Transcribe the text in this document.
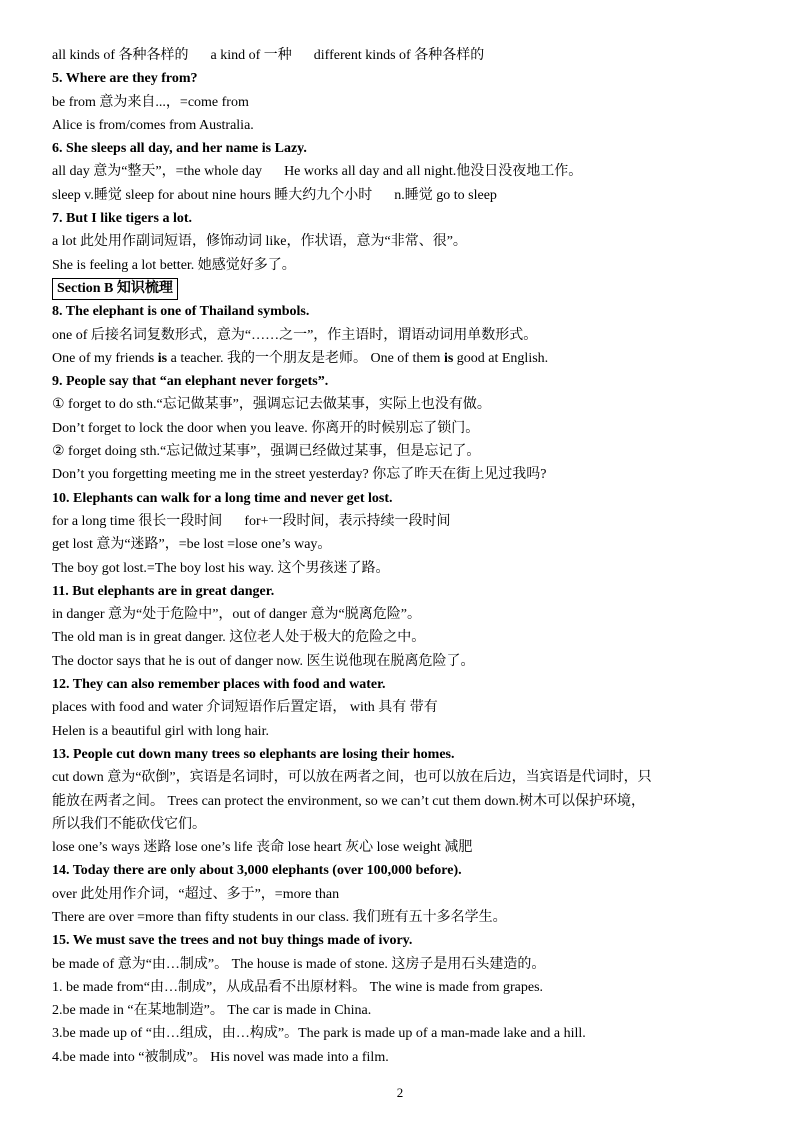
all kinds of 各种各样的 a kind of 一种 different kinds of 各种各样的
5. Where are they from?
be from 意为来自...，=come from
Alice is from/comes from Australia.
6. She sleeps all day, and her name is Lazy.
all day 意为“整天”，=the whole day He works all day and all night.他没日没夜地工作。
sleep v.睡觉 sleep for about nine hours 睡大约九个小时 n.睡觉 go to sleep
7. But I like tigers a lot.
a lot 此处用作副词短语，修饰动词 like，作状语，意为“非常、很”。
She is feeling a lot better. 她感觉好多了。
Section B 知识梳理
8. The elephant is one of Thailand symbols.
one of 后接名词复数形式，意为“……之一”，作主语时，谓语动词用单数形式。
One of my friends is a teacher. 我的一个朋友是老师。 One of them is good at English.
9. People say that “an elephant never forgets”.
① forget to do sth.“忘记做某事”，强调忘记去做某事，实际上也没有做。
Don’t forget to lock the door when you leave. 你离开的时候别忘了锁门。
② forget doing sth.“忘记做过某事”，强调已经做过某事，但是忘记了。
Don’t you forgetting meeting me in the street yesterday? 你忘了昨天在街上见过我吗?
10. Elephants can walk for a long time and never get lost.
for a long time 很长一段时间 for+一段时间，表示持续一段时间
get lost 意为“迷路”，=be lost =lose one’s way。
The boy got lost.=The boy lost his way. 这个男孩迷了路。
11. But elephants are in great danger.
in danger 意为“处于危险中”，out of danger 意为“脱离危险”。
The old man is in great danger. 这位老人处于极大的危险之中。
The doctor says that he is out of danger now. 医生说他现在脱离危险了。
12. They can also remember places with food and water.
places with food and water 介词短语作后置定语， with 具有 带有
Helen is a beautiful girl with long hair.
13. People cut down many trees so elephants are losing their homes.
cut down 意为“砍倒”，宾语是名词时，可以放在两者之间，也可以放在后边，当宾语是代词时，只
能放在两者之间。 Trees can protect the environment, so we can’t cut them down.树木可以保护环境，
所以我们不能砍伐它们。
lose one’s ways 迷路 lose one’s life 丧命 lose heart 灰心 lose weight 减肥
14. Today there are only about 3,000 elephants (over 100,000 before).
over 此处用作介词，“超过、多于”，=more than
There are over =more than fifty students in our class. 我们班有五十多名学生。
15. We must save the trees and not buy things made of ivory.
be made of 意为“由…制成”。 The house is made of stone. 这房子是用石头建造的。
1. be made from“由…制成”，从成品看不出原材料。 The wine is made from grapes.
2.be made in “在某地制造”。 The car is made in China.
3.be made up of “由…组成，由…构成”。The park is made up of a man-made lake and a hill.
4.be made into “被制成”。 His novel was made into a film.
2
